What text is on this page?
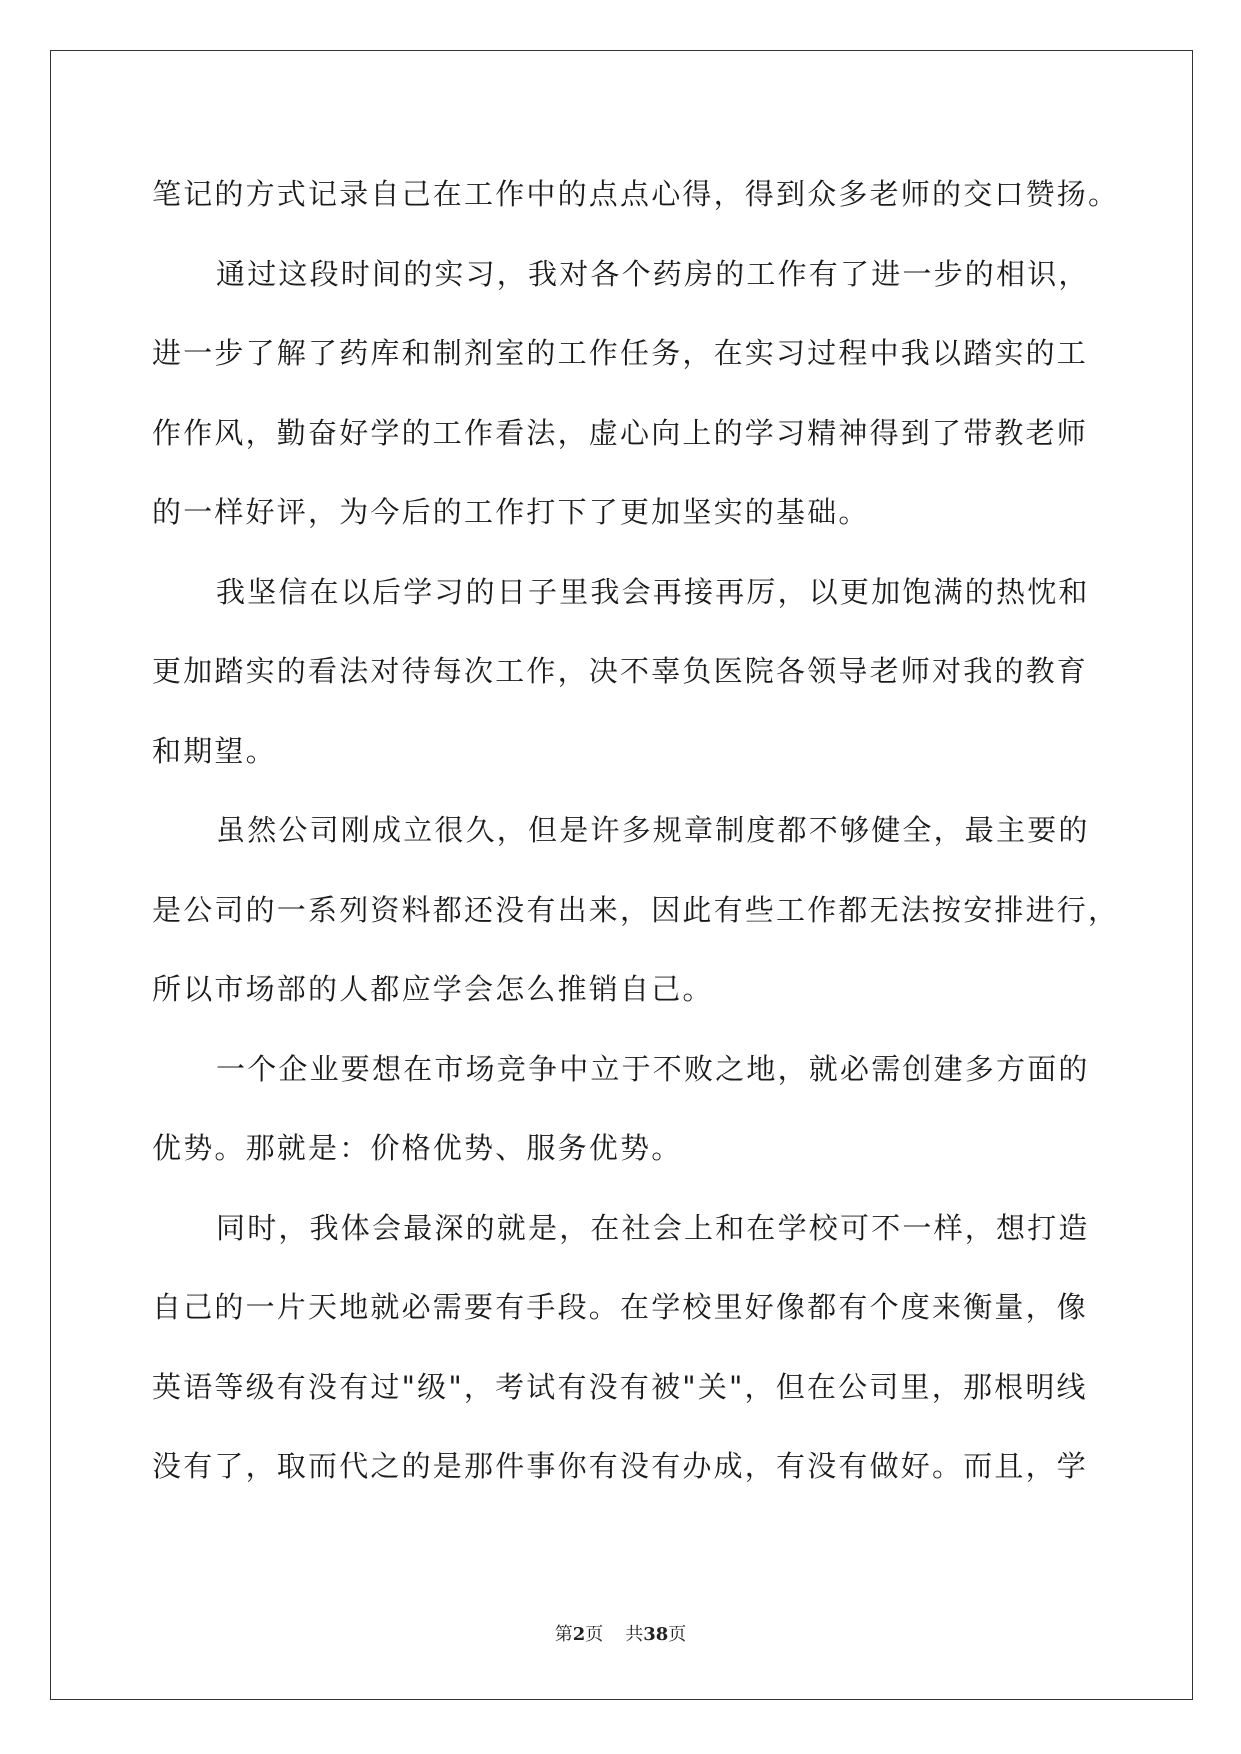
笔记的方式记录自己在工作中的点点心得，得到众多老师的交口赞扬。
通过这段时间的实习，我对各个药房的工作有了进一步的相识，
进一步了解了药库和制剂室的工作任务，在实习过程中我以踏实的工
作作风，勤奋好学的工作看法，虚心向上的学习精神得到了带教老师
的一样好评，为今后的工作打下了更加坚实的基础。
我坚信在以后学习的日子里我会再接再厉，以更加饱满的热忱和
更加踏实的看法对待每次工作，决不辜负医院各领导老师对我的教育
和期望。
虽然公司刚成立很久，但是许多规章制度都不够健全，最主要的
是公司的一系列资料都还没有出来，因此有些工作都无法按安排进行，
所以市场部的人都应学会怎么推销自己。
一个企业要想在市场竞争中立于不败之地，就必需创建多方面的
优势。那就是：价格优势、服务优势。
同时，我体会最深的就是，在社会上和在学校可不一样，想打造
自己的一片天地就必需要有手段。在学校里好像都有个度来衡量，像
英语等级有没有过"级"，考试有没有被"关"，但在公司里，那根明线
没有了，取而代之的是那件事你有没有办成，有没有做好。而且，学
第2页 共38页
